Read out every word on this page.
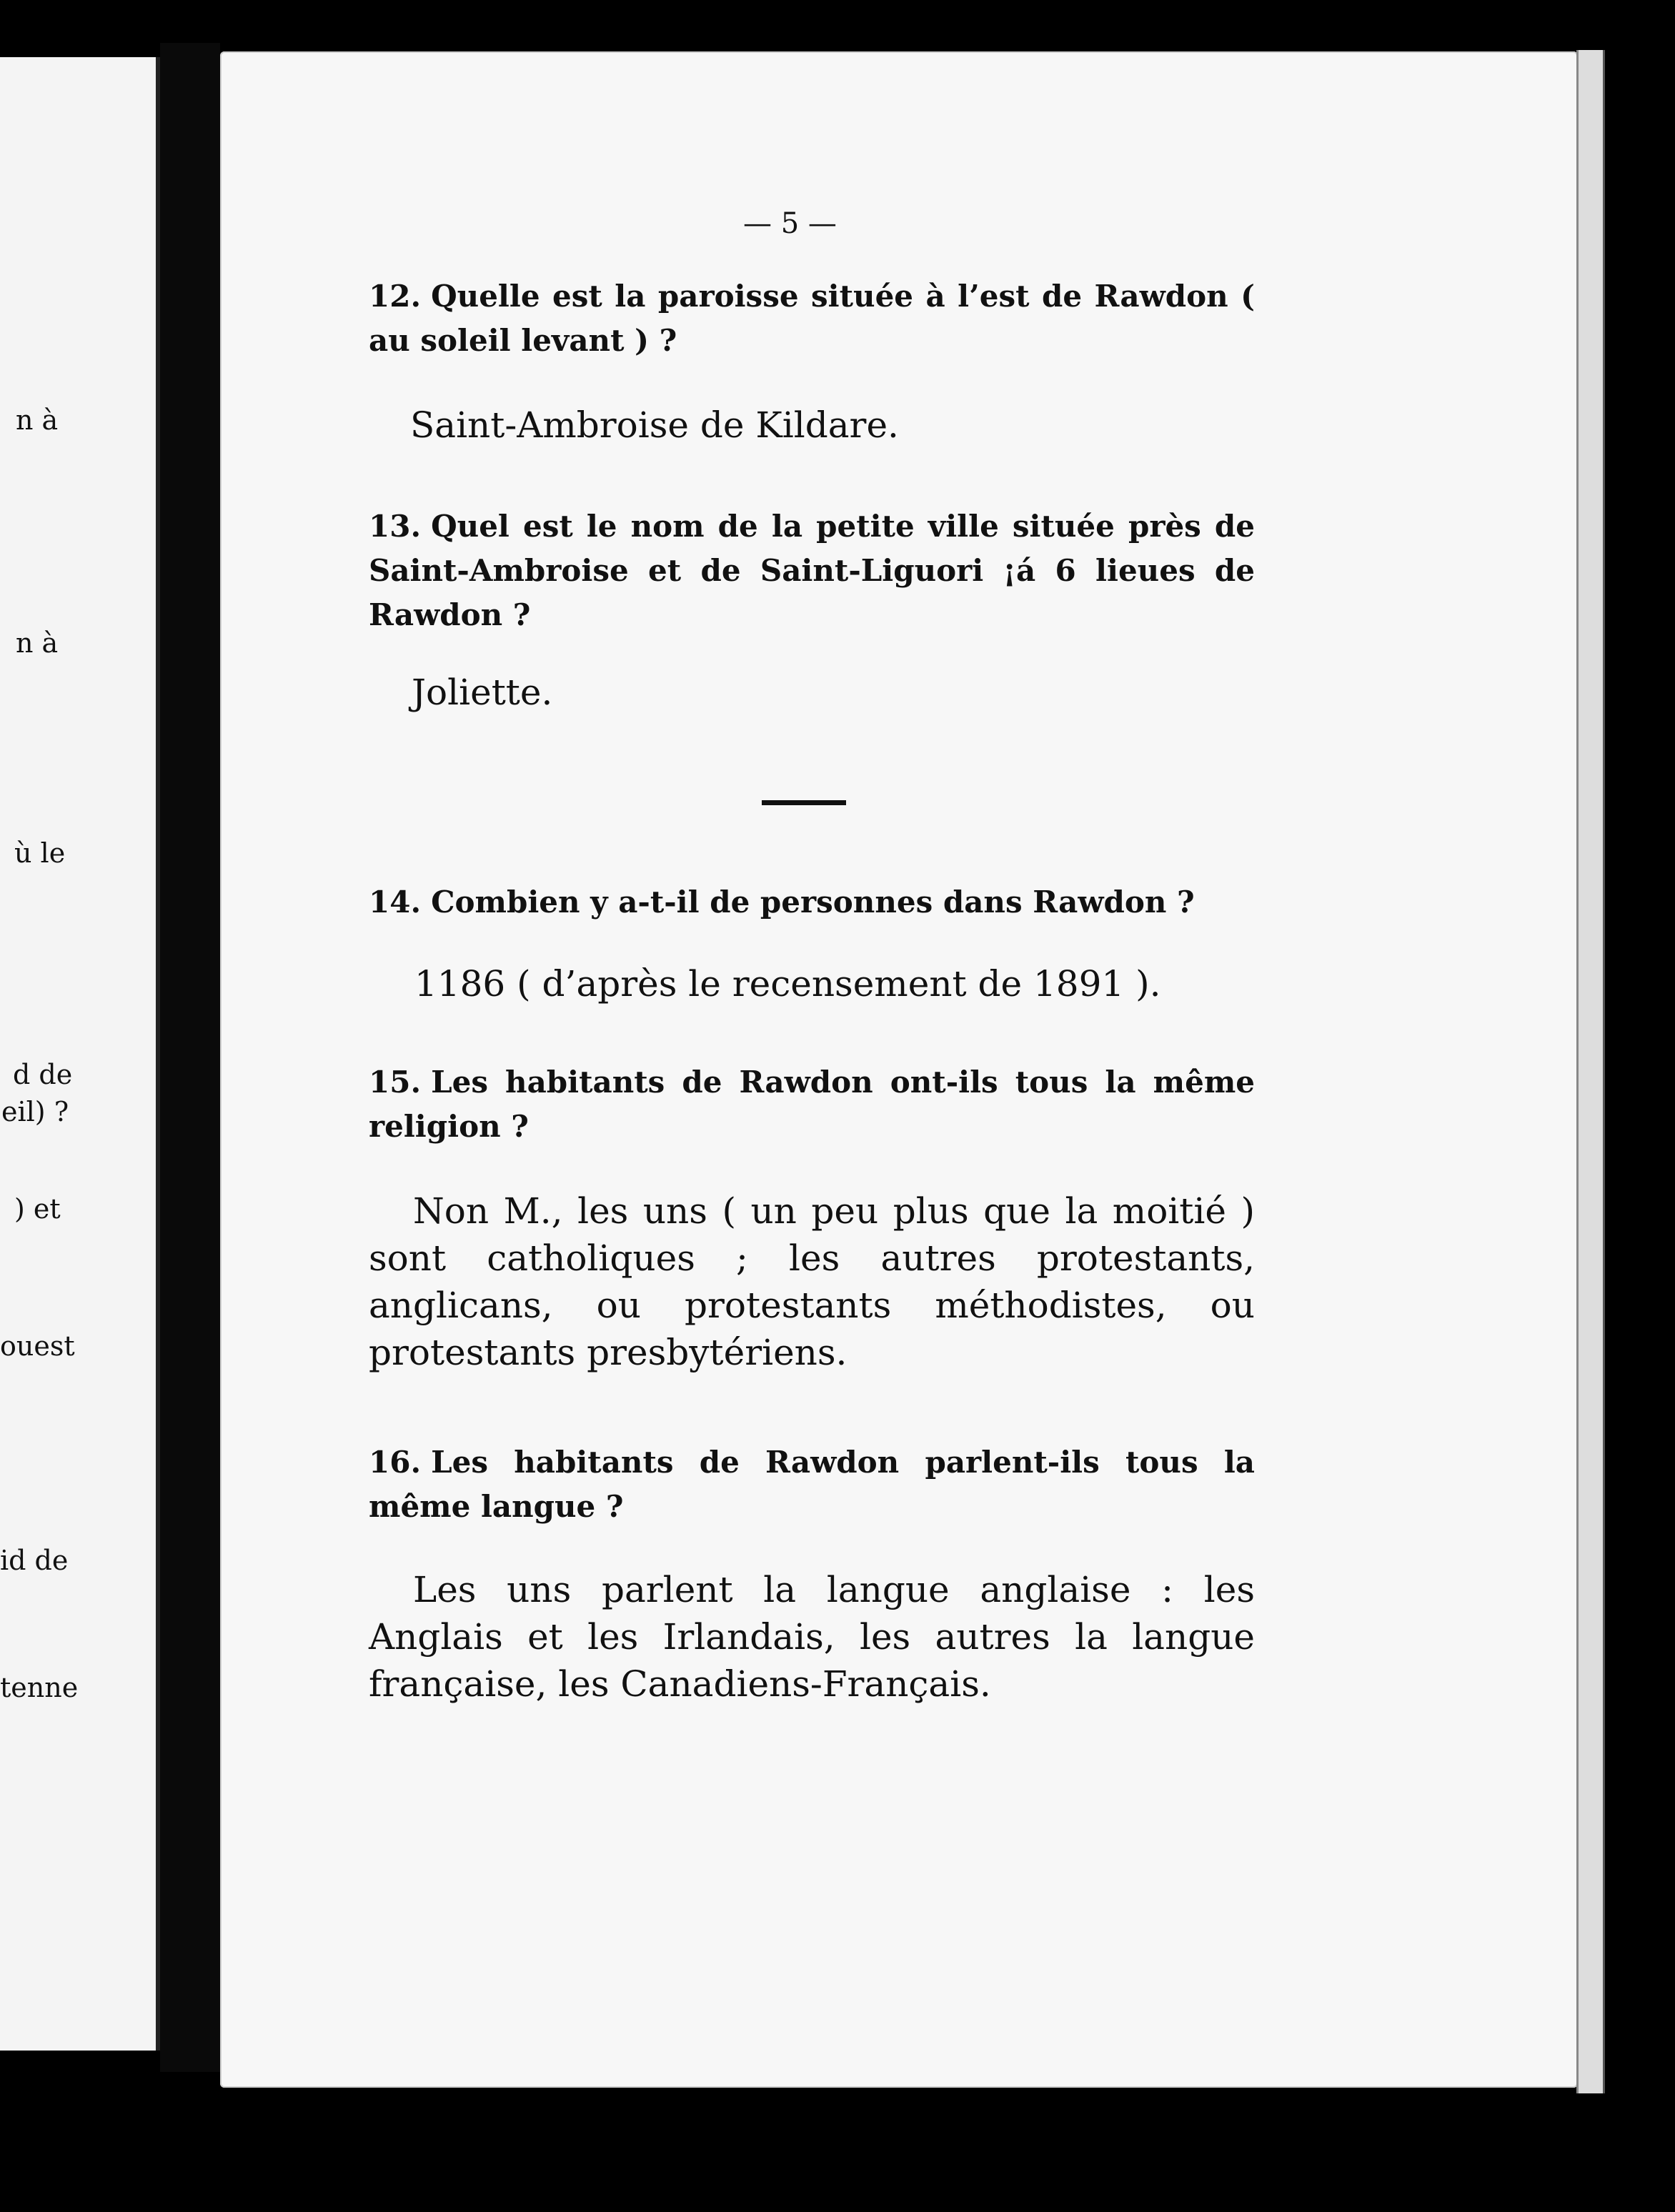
n à
n à
ù le
d de
eil) ?
) et
ouest
id de
tenne
— 5 —
12. Quelle est la paroisse située à l’est de Rawdon ( au soleil levant ) ?
Saint-Ambroise de Kildare.
13. Quel est le nom de la petite ville située près de Saint-Ambroise et de Saint-Liguori ¡á 6 lieues de Rawdon ?
Joliette.
14. Combien y a-t-il de personnes dans Rawdon ?
1186 ( d’après le recensement de 1891 ).
15. Les habitants de Rawdon ont-ils tous la même religion ?
Non M., les uns ( un peu plus que la moitié ) sont catholiques ; les autres protestants, anglicans, ou protestants méthodistes, ou protestants presbytériens.
16. Les habitants de Rawdon parlent-ils tous la même langue ?
Les uns parlent la langue anglaise : les Anglais et les Irlandais, les autres la langue française, les Canadiens-Français.
